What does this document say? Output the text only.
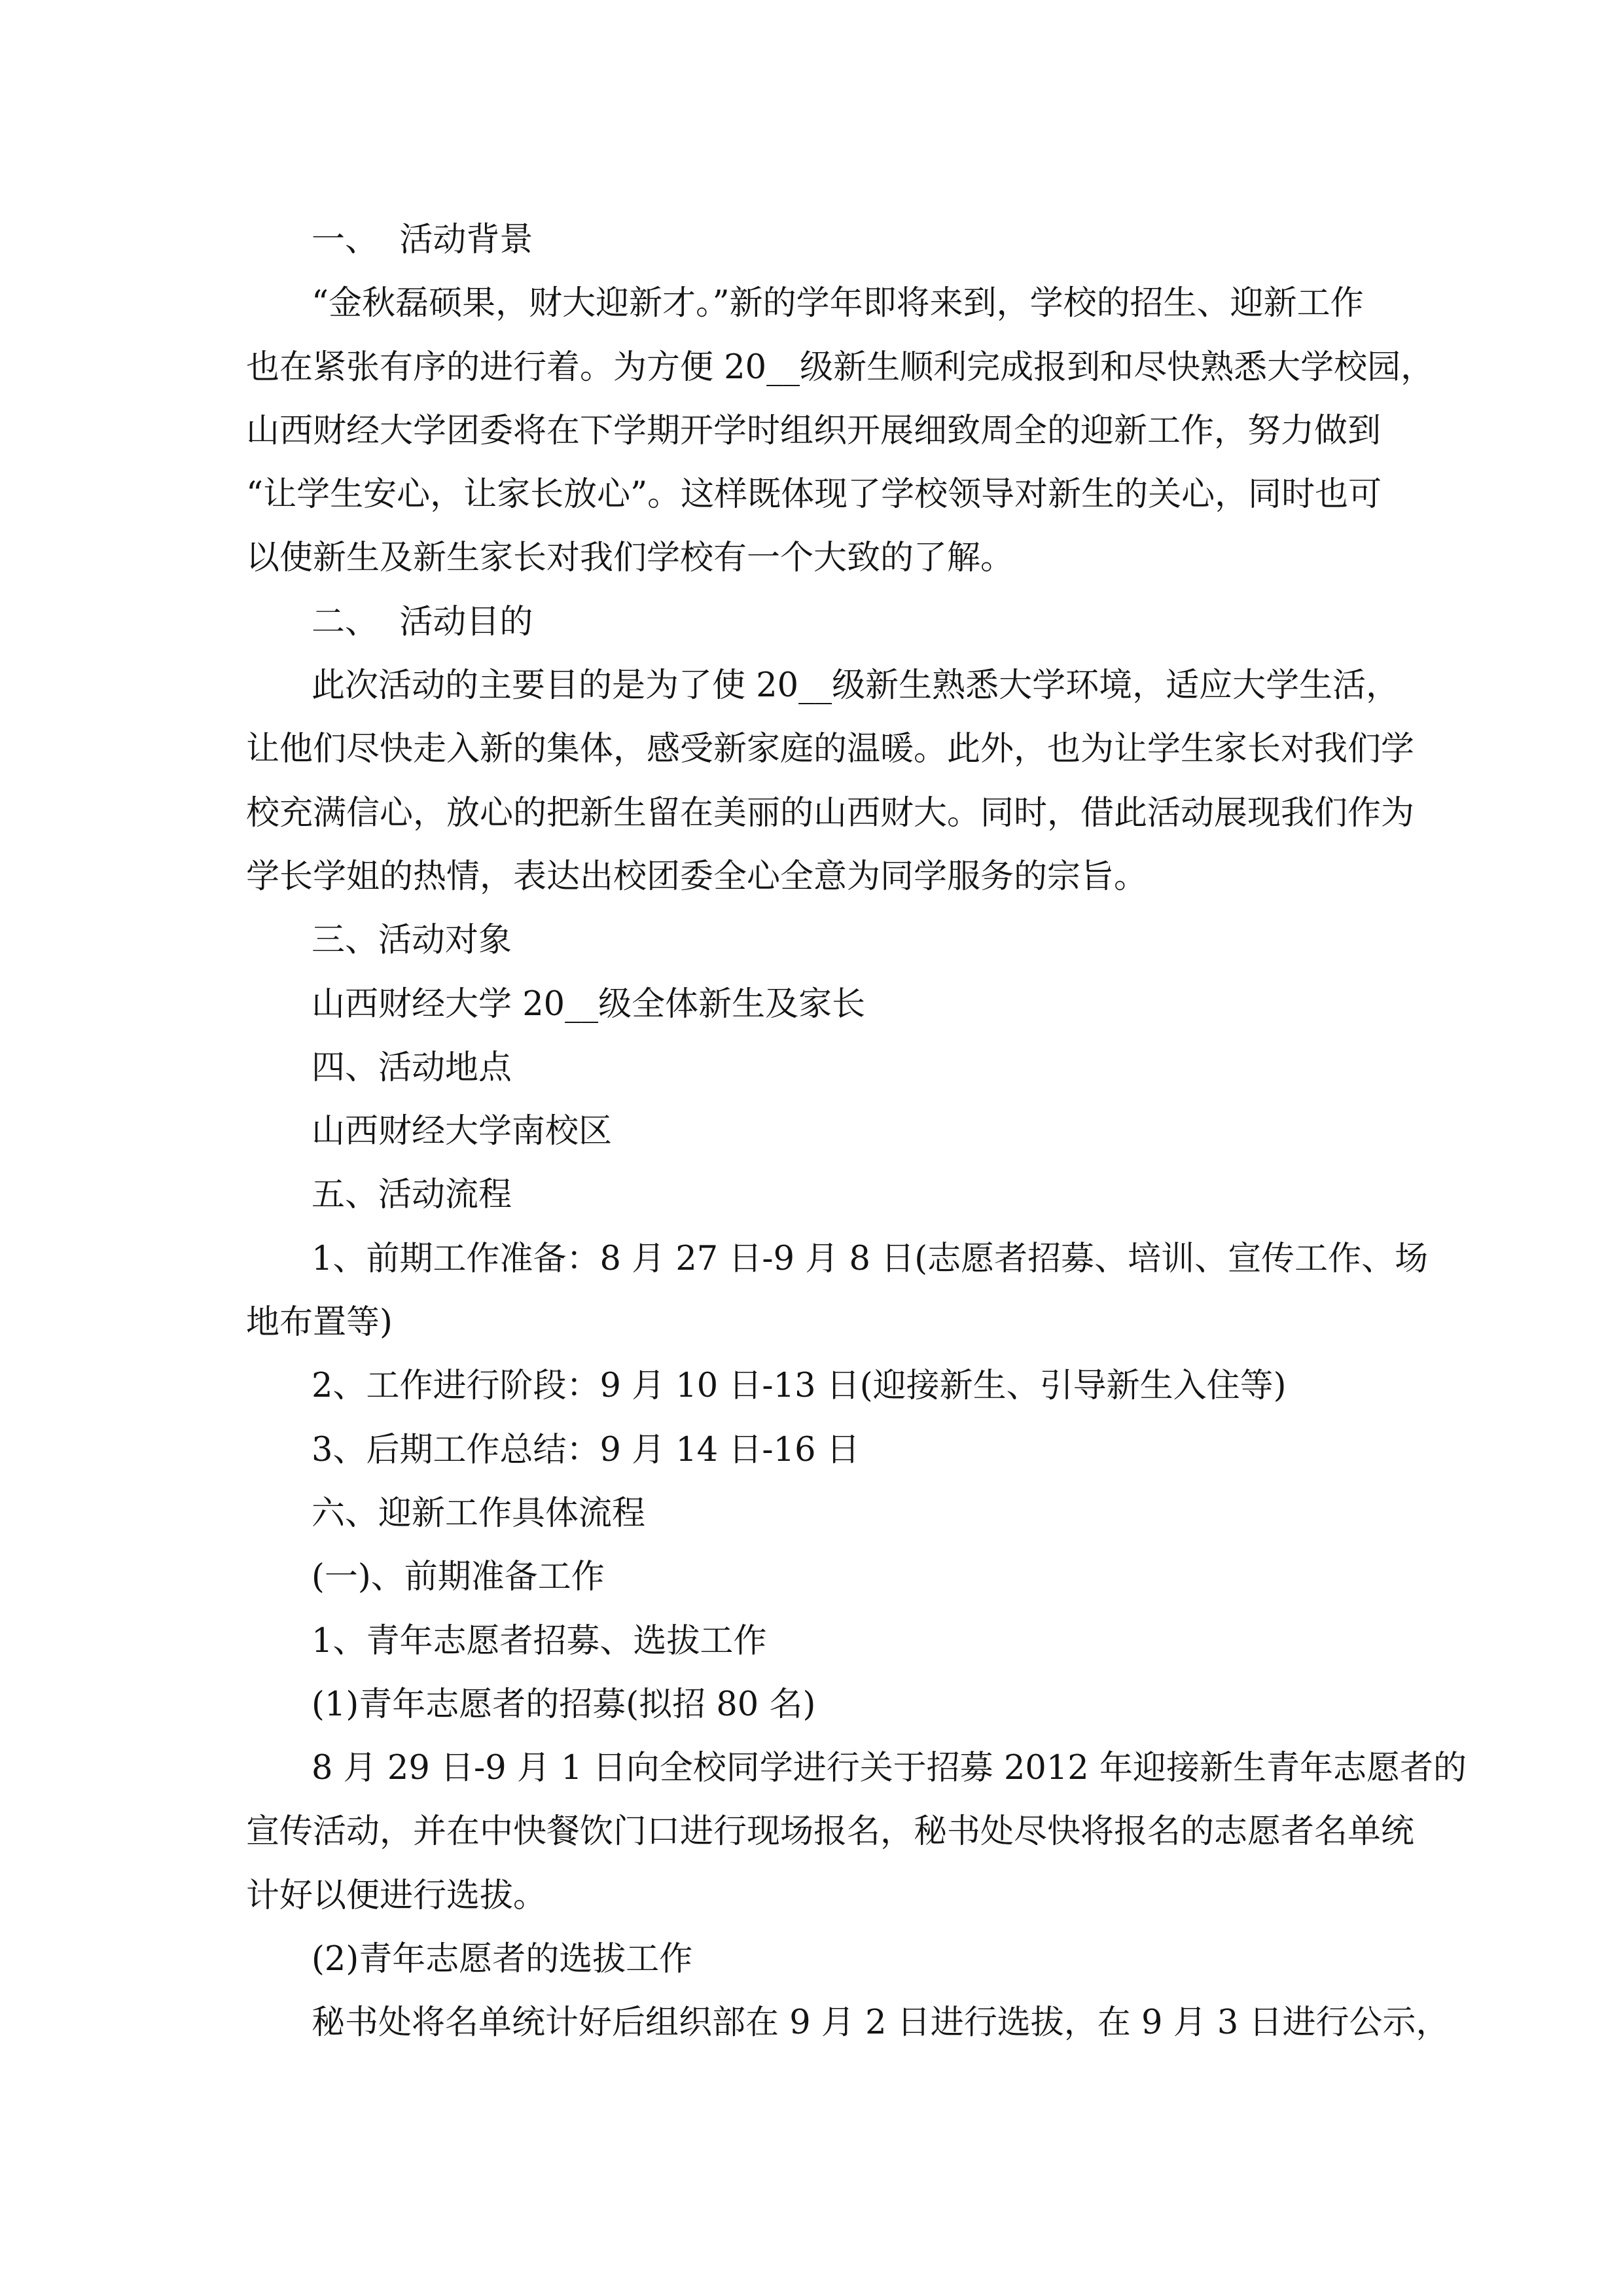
一、  活动背景

“金秋磊硕果，财大迎新才。”新的学年即将来到，学校的招生、迎新工作

也在紧张有序的进行着。为方便 20__级新生顺利完成报到和尽快熟悉大学校园，

山西财经大学团委将在下学期开学时组织开展细致周全的迎新工作，努力做到

“让学生安心，让家长放心”。这样既体现了学校领导对新生的关心，同时也可

以使新生及新生家长对我们学校有一个大致的了解。

二、  活动目的

此次活动的主要目的是为了使 20__级新生熟悉大学环境，适应大学生活，

让他们尽快走入新的集体，感受新家庭的温暖。此外，也为让学生家长对我们学

校充满信心，放心的把新生留在美丽的山西财大。同时，借此活动展现我们作为

学长学姐的热情，表达出校团委全心全意为同学服务的宗旨。

三、活动对象

山西财经大学 20__级全体新生及家长

四、活动地点

山西财经大学南校区

五、活动流程

1、前期工作准备：8 月 27 日-9 月 8 日(志愿者招募、培训、宣传工作、场

地布置等)

2、工作进行阶段：9 月 10 日-13 日(迎接新生、引导新生入住等)

3、后期工作总结：9 月 14 日-16 日

六、迎新工作具体流程

(一)、前期准备工作

1、青年志愿者招募、选拔工作

(1)青年志愿者的招募(拟招 80 名)

8 月 29 日-9 月 1 日向全校同学进行关于招募 2012 年迎接新生青年志愿者的

宣传活动，并在中快餐饮门口进行现场报名，秘书处尽快将报名的志愿者名单统

计好以便进行选拔。

(2)青年志愿者的选拔工作

秘书处将名单统计好后组织部在 9 月 2 日进行选拔，在 9 月 3 日进行公示，
